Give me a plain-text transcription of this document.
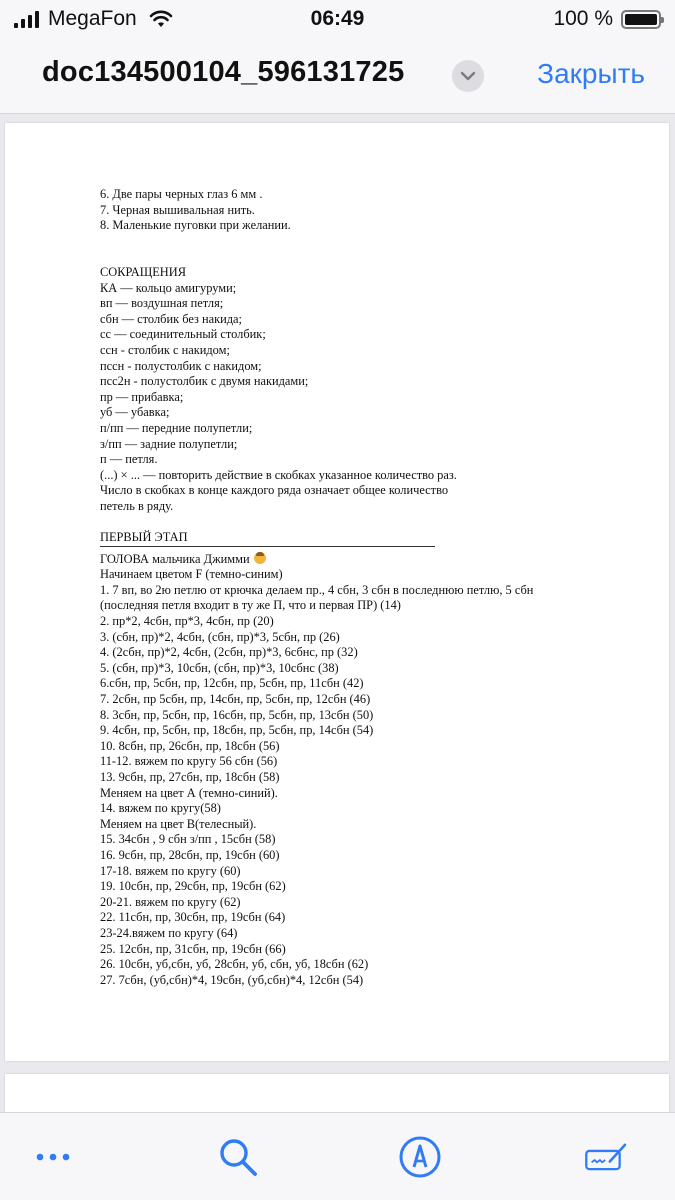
MegaFon	06:49	100 %
doc134500104_596131725	Закрыть
6. Две пары черных глаз 6 мм .
7. Черная вышивальная нить.
8. Маленькие пуговки при желании.
СОКРАЩЕНИЯ
КА — кольцо амигуруми;
вп — воздушная петля;
сбн — столбик без накида;
сс — соединительный столбик;
ссн - столбик с накидом;
пссн - полустолбик с накидом;
псс2н - полустолбик с двумя накидами;
пр — прибавка;
уб — убавка;
п/пп — передние полупетли;
з/пп — задние полупетли;
п — петля.
(...) × ... — повторить действие в скобках указанное количество раз.
Число в скобках в конце каждого ряда означает общее количество
петель в ряду.
ПЕРВЫЙ ЭТАП
ГОЛОВА мальчика Джимми
Начинаем цветом F (темно-синим)
1. 7 вп, во 2ю петлю от крючка делаем пр., 4 сбн, 3 сбн в последнюю петлю, 5 сбн
(последняя петля входит в ту же П, что и первая ПР) (14)
2. пр*2, 4сбн, пр*3, 4сбн, пр (20)
3. (сбн, пр)*2, 4сбн, (сбн, пр)*3, 5сбн, пр (26)
4. (2сбн, пр)*2, 4сбн, (2сбн, пр)*3, 6сбнс, пр (32)
5. (сбн, пр)*3, 10сбн, (сбн, пр)*3, 10сбнс (38)
6.сбн, пр, 5сбн, пр, 12сбн, пр, 5сбн, пр, 11сбн (42)
7. 2сбн, пр 5сбн, пр, 14сбн, пр, 5сбн, пр, 12сбн (46)
8. 3сбн, пр, 5сбн, пр, 16сбн, пр, 5сбн, пр, 13сбн (50)
9. 4сбн, пр, 5сбн, пр, 18сбн, пр, 5сбн, пр, 14сбн (54)
10. 8сбн, пр, 26сбн, пр, 18сбн (56)
11-12. вяжем по кругу 56 сбн (56)
13. 9сбн, пр, 27сбн, пр, 18сбн (58)
Меняем на цвет А (темно-синий).
14. вяжем по кругу(58)
Меняем на цвет В(телесный).
15. 34сбн , 9 сбн з/пп , 15сбн (58)
16. 9сбн, пр, 28сбн, пр, 19сбн (60)
17-18. вяжем по кругу (60)
19. 10сбн, пр, 29сбн, пр, 19сбн (62)
20-21. вяжем по кругу (62)
22. 11сбн, пр, 30сбн, пр, 19сбн (64)
23-24.вяжем по кругу (64)
25. 12сбн, пр, 31сбн, пр, 19сбн (66)
26. 10сбн, уб,сбн, уб, 28сбн, уб, сбн, уб, 18сбн (62)
27. 7сбн, (уб,сбн)*4, 19сбн, (уб,сбн)*4, 12сбн (54)
